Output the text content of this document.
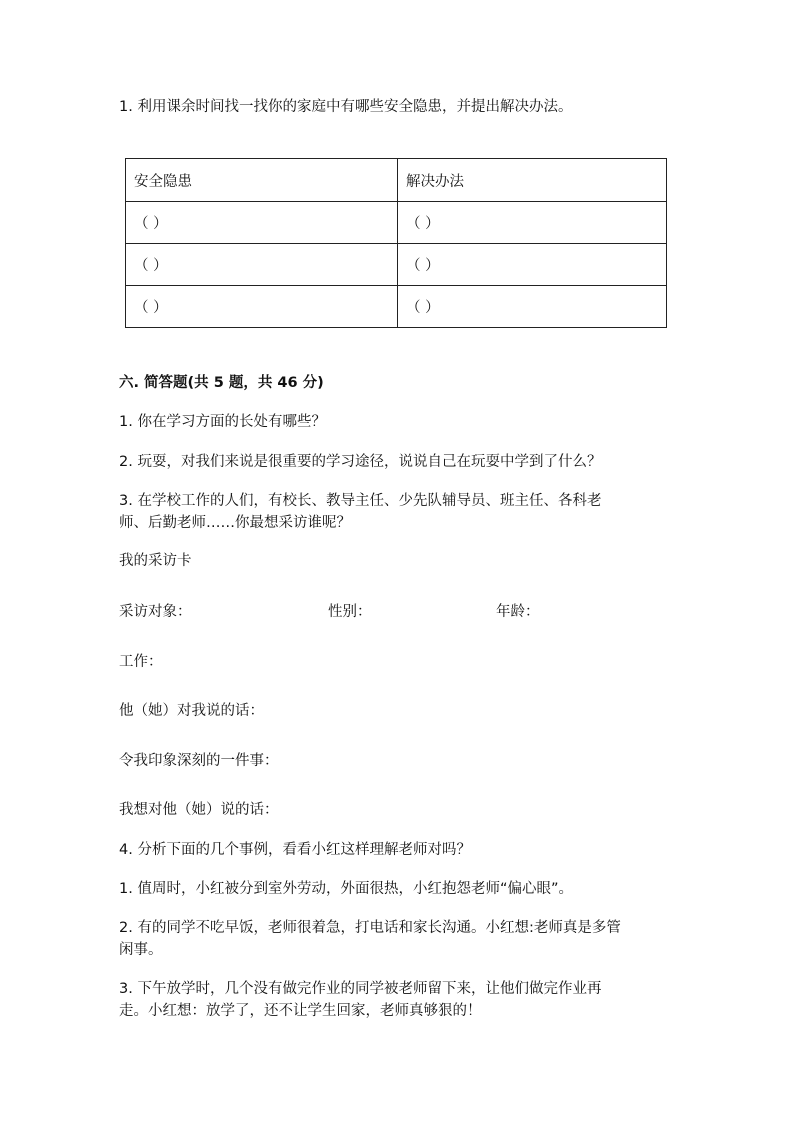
1. 利用课余时间找一找你的家庭中有哪些安全隐患，并提出解决办法。
安全隐患	解决办法
（ ）	（ ）
（ ）	（ ）
（ ）	（ ）
六. 简答题(共 5 题，共 46 分)
1. 你在学习方面的长处有哪些？
2. 玩耍，对我们来说是很重要的学习途径，说说自己在玩耍中学到了什么？
3. 在学校工作的人们，有校长、教导主任、少先队辅导员、班主任、各科老
师、后勤老师……你最想采访谁呢？
我的采访卡
采访对象：	性别：	年龄：
工作：
他（她）对我说的话：
令我印象深刻的一件事：
我想对他（她）说的话：
4. 分析下面的几个事例，看看小红这样理解老师对吗？
1. 值周时，小红被分到室外劳动，外面很热，小红抱怨老师“偏心眼”。
2. 有的同学不吃早饭，老师很着急，打电话和家长沟通。小红想:老师真是多管
闲事。
3. 下午放学时，几个没有做完作业的同学被老师留下来，让他们做完作业再
走。小红想：放学了，还不让学生回家，老师真够狠的！
